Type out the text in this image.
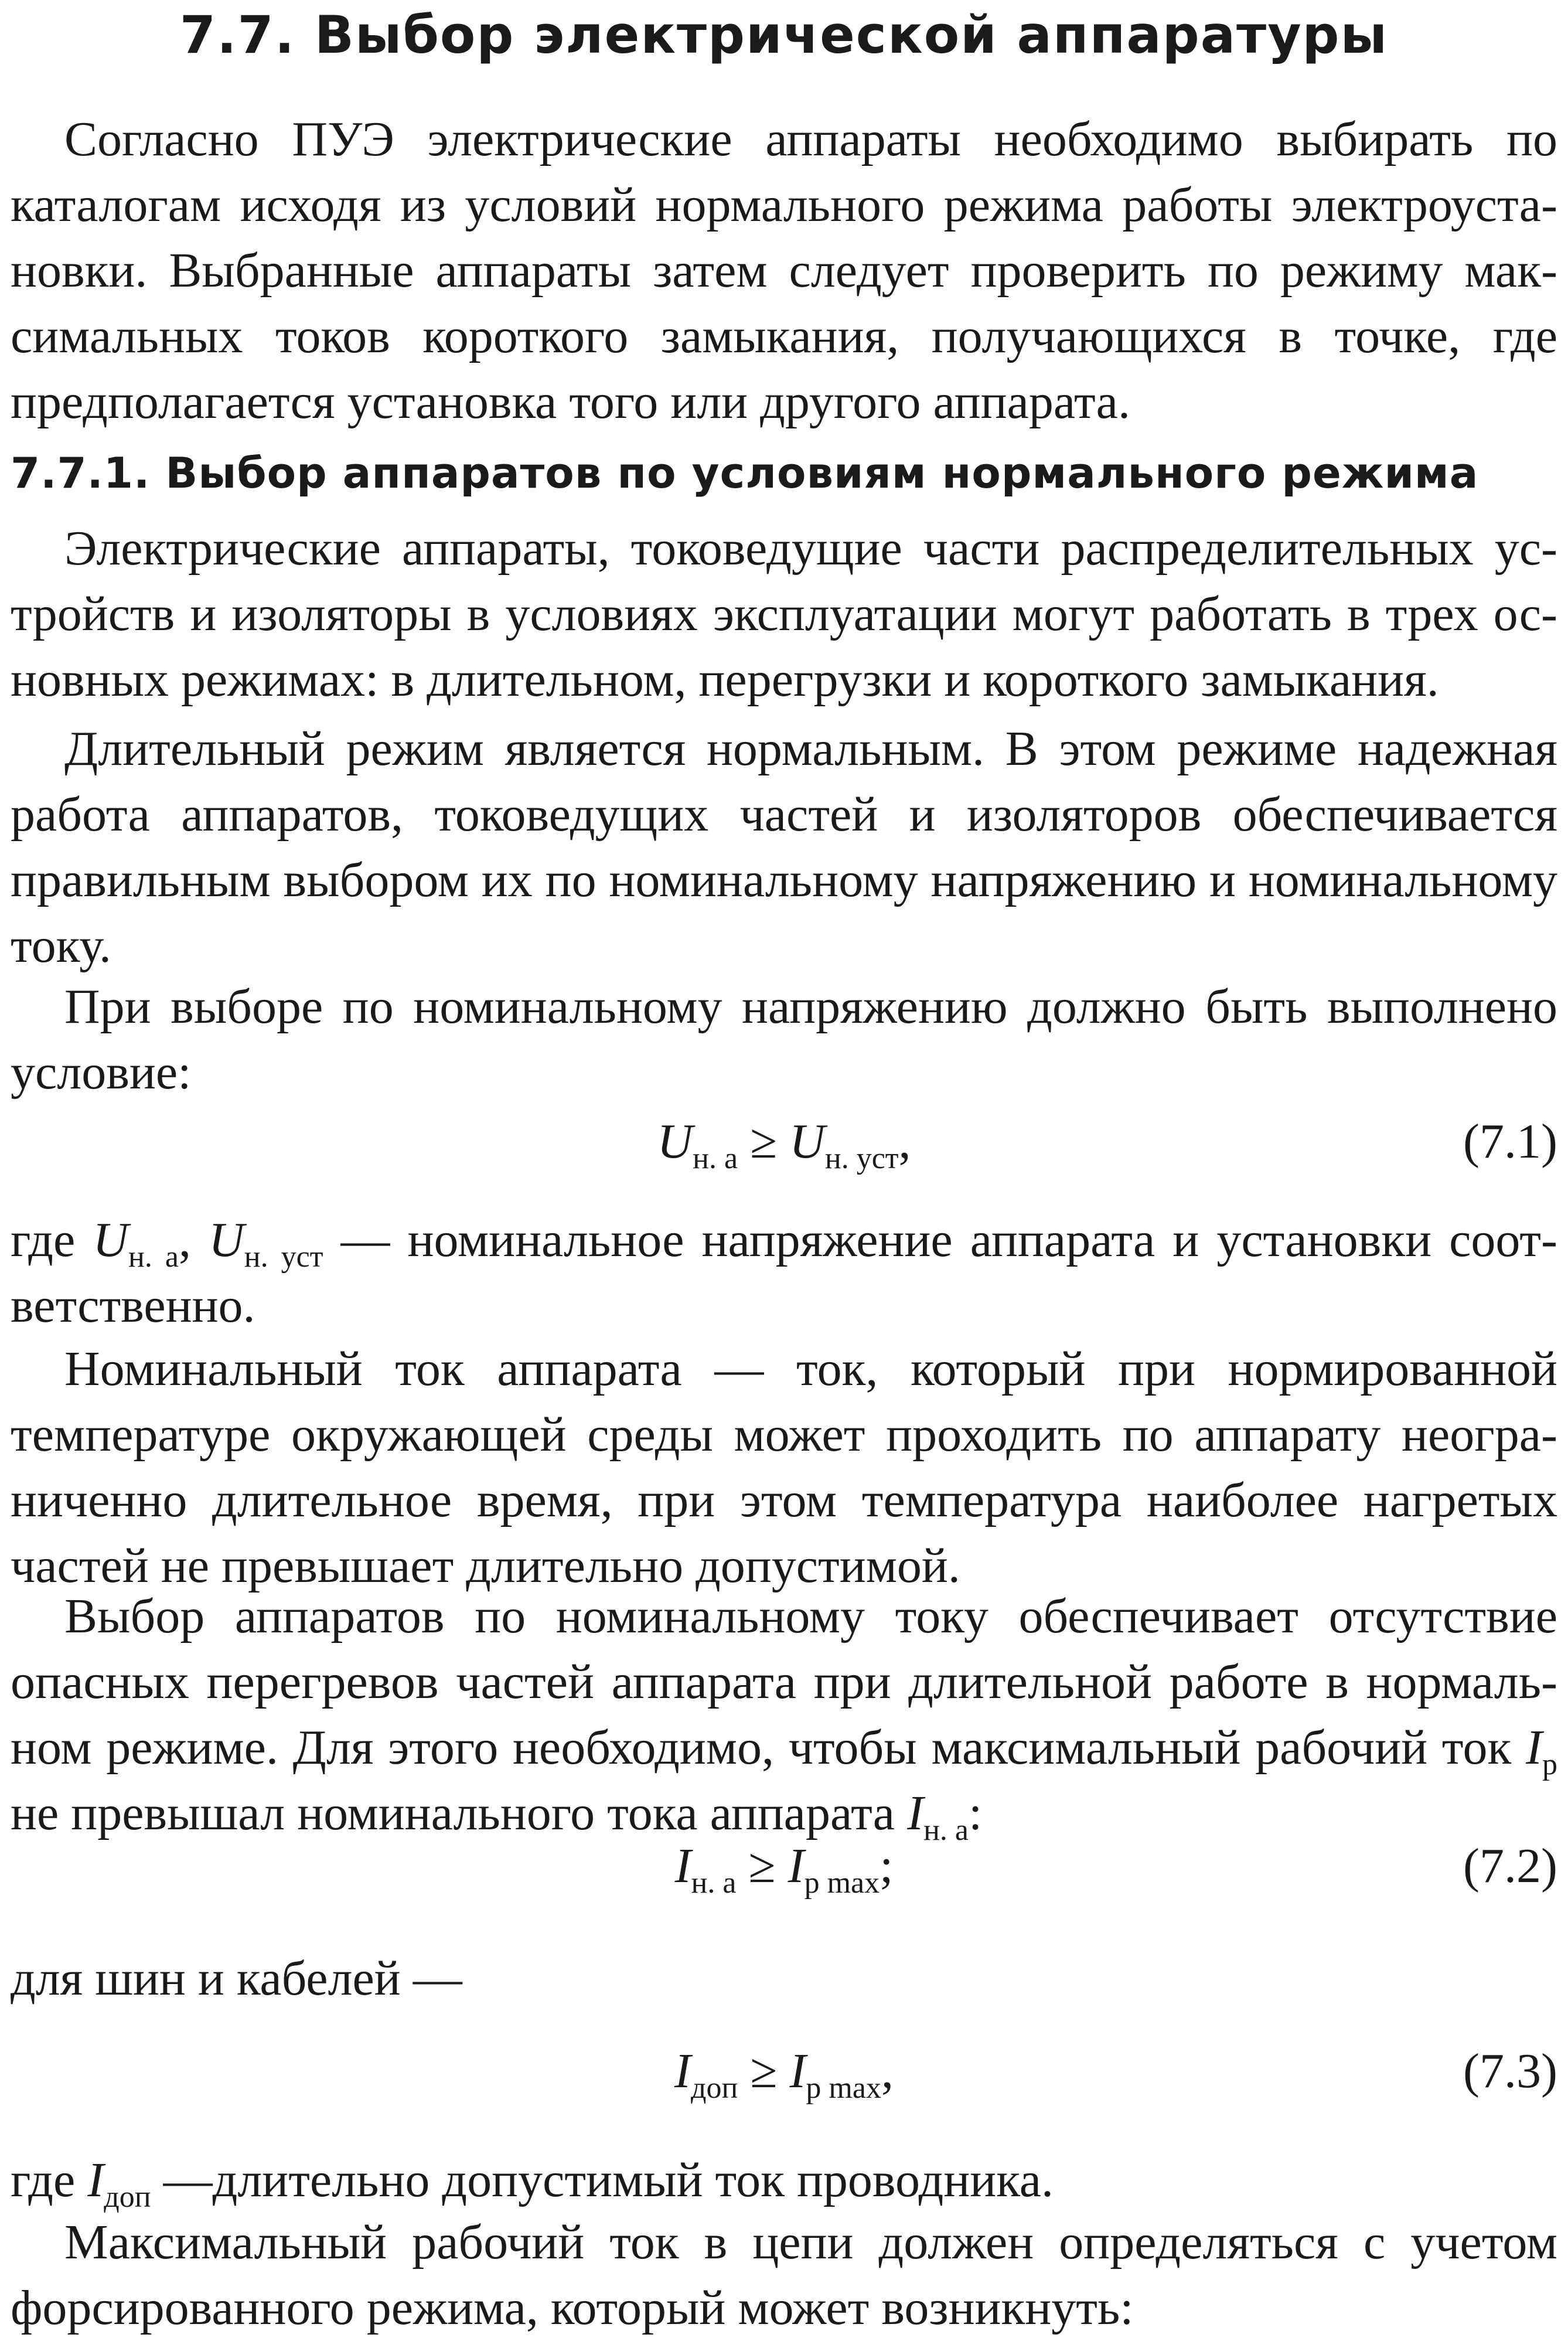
7.7. Выбор электрической аппаратуры

Согласно ПУЭ электрические аппараты необходимо выбирать по каталогам исходя из условий нормального режима работы электроустановки. Выбранные аппараты затем следует проверить по режиму максимальных токов короткого замыкания, получающихся в точке, где предполагается установка того или другого аппарата.

7.7.1. Выбор аппаратов по условиям нормального режима

Электрические аппараты, токоведущие части распределительных устройств и изоляторы в условиях эксплуатации могут работать в трех основных режимах: в длительном, перегрузки и короткого замыкания.

Длительный режим является нормальным. В этом режиме надежная работа аппаратов, токоведущих частей и изоляторов обеспечивается правильным выбором их по номинальному напряжению и номинальному току.

При выборе по номинальному напряжению должно быть выполнено условие:

$U_{н. а} \ge U_{н. уст}$,	(7.1)

где $U_{н. а}$, $U_{н. уст}$ — номинальное напряжение аппарата и установки соответственно.

Номинальный ток аппарата — ток, который при нормированной температуре окружающей среды может проходить по аппарату неограниченно длительное время, при этом температура наиболее нагретых частей не превышает длительно допустимой.

Выбор аппаратов по номинальному току обеспечивает отсутствие опасных перегревов частей аппарата при длительной работе в нормальном режиме. Для этого необходимо, чтобы максимальный рабочий ток $I_р$ не превышал номинального тока аппарата $I_{н. а}$:

$I_{н. а} \ge I_{р max}$;	(7.2)

для шин и кабелей —

$I_{доп} \ge I_{р max}$,	(7.3)

где $I_{доп}$ —длительно допустимый ток проводника.

Максимальный рабочий ток в цепи должен определяться с учетом форсированного режима, который может возникнуть:
